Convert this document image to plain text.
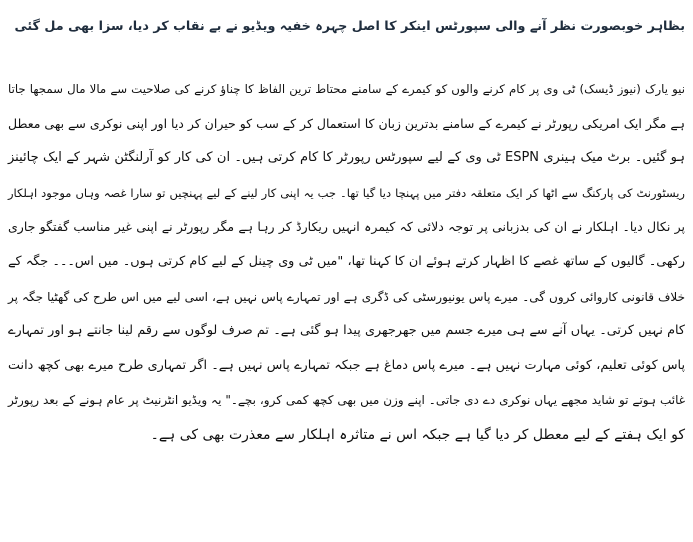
بظاہر خوبصورت نظر آنے والی سپورٹس اینکر کا اصل چہرہ خفیہ ویڈیو نے بے نقاب کر دیا، سزا بھی مل گئی
نیو یارک (نیوز ڈیسک) ٹی وی پر کام کرنے والوں کو کیمرے کے سامنے محتاط ترین الفاظ کا چناؤ کرنے کی صلاحیت سے مالا مال سمجھا جاتا
ہے مگر ایک امریکی رپورٹر نے کیمرے کے سامنے بدترین زبان کا استعمال کر کے سب کو حیران کر دیا اور اپنی نوکری سے بھی معطل
ہو گئیں۔ برٹ میک ہینری ESPN ٹی وی کے لیے سپورٹس رپورٹر کا کام کرتی ہیں۔ ان کی کار کو آرلنگٹن شہر کے ایک چائینز
ریسٹورنٹ کی پارکنگ سے اٹھا کر ایک متعلقہ دفتر میں پہنچا دیا گیا تھا۔ جب یہ اپنی کار لینے کے لیے پہنچیں تو سارا غصہ وہاں موجود اہلکار
پر نکال دیا۔ اہلکار نے ان کی بدزبانی پر توجہ دلائی کہ کیمرہ انہیں ریکارڈ کر رہا ہے مگر رپورٹر نے اپنی غیر مناسب گفتگو جاری
رکھی۔ گالیوں کے ساتھ غصے کا اظہار کرتے ہوئے ان کا کہنا تھا، "میں ٹی وی چینل کے لیے کام کرتی ہوں۔ میں اس۔۔۔ جگہ کے
خلاف قانونی کاروائی کروں گی۔ میرے پاس یونیورسٹی کی ڈگری ہے اور تمہارے پاس نہیں ہے، اسی لیے میں اس طرح کی گھٹیا جگہ پر
کام نہیں کرتی۔ یہاں آنے سے ہی میرے جسم میں جھرجھری پیدا ہو گئی ہے۔ تم صرف لوگوں سے رقم لینا جانتے ہو اور تمہارے
پاس کوئی تعلیم، کوئی مہارت نہیں ہے۔ میرے پاس دماغ ہے جبکہ تمہارے پاس نہیں ہے۔ اگر تمہاری طرح میرے بھی کچھ دانت
غائب ہوتے تو شاید مجھے یہاں نوکری دے دی جاتی۔ اپنے وزن میں بھی کچھ کمی کرو، بچے۔" یہ ویڈیو انٹرنیٹ پر عام ہونے کے بعد رپورٹر
کو ایک ہفتے کے لیے معطل کر دیا گیا ہے جبکہ اس نے متاثرہ اہلکار سے معذرت بھی کی ہے۔
